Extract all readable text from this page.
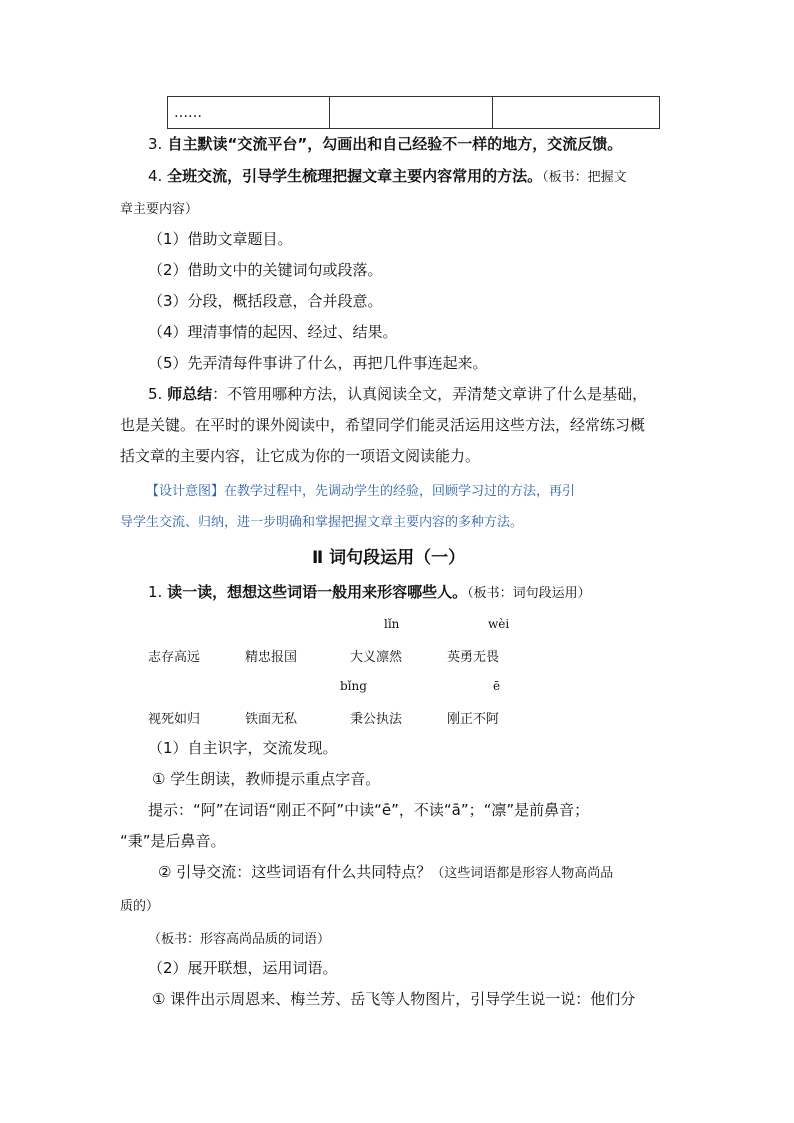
……		
3. 自主默读“交流平台”，勾画出和自己经验不一样的地方，交流反馈。
4. 全班交流，引导学生梳理把握文章主要内容常用的方法。（板书：把握文
章主要内容）
（1）借助文章题目。
（2）借助文中的关键词句或段落。
（3）分段，概括段意，合并段意。
（4）理清事情的起因、经过、结果。
（5）先弄清每件事讲了什么，再把几件事连起来。
5. 师总结：不管用哪种方法，认真阅读全文，弄清楚文章讲了什么是基础，
也是关键。在平时的课外阅读中，希望同学们能灵活运用这些方法，经常练习概
括文章的主要内容，让它成为你的一项语文阅读能力。
【设计意图】在教学过程中，先调动学生的经验，回顾学习过的方法，再引
导学生交流、归纳，进一步明确和掌握把握文章主要内容的多种方法。
Ⅱ 词句段运用（一）
1. 读一读，想想这些词语一般用来形容哪些人。（板书：词句段运用）
lǐn	wèi
志存高远	精忠报国	大义凛然	英勇无畏
bǐng	ē
视死如归	铁面无私	秉公执法	刚正不阿
（1）自主识字，交流发现。
① 学生朗读，教师提示重点字音。
提示：“阿”在词语“刚正不阿”中读“ē”，不读“ā”；“凛”是前鼻音；
“秉”是后鼻音。
② 引导交流：这些词语有什么共同特点？（这些词语都是形容人物高尚品
质的）
（板书：形容高尚品质的词语）
（2）展开联想，运用词语。
① 课件出示周恩来、梅兰芳、岳飞等人物图片，引导学生说一说：他们分
